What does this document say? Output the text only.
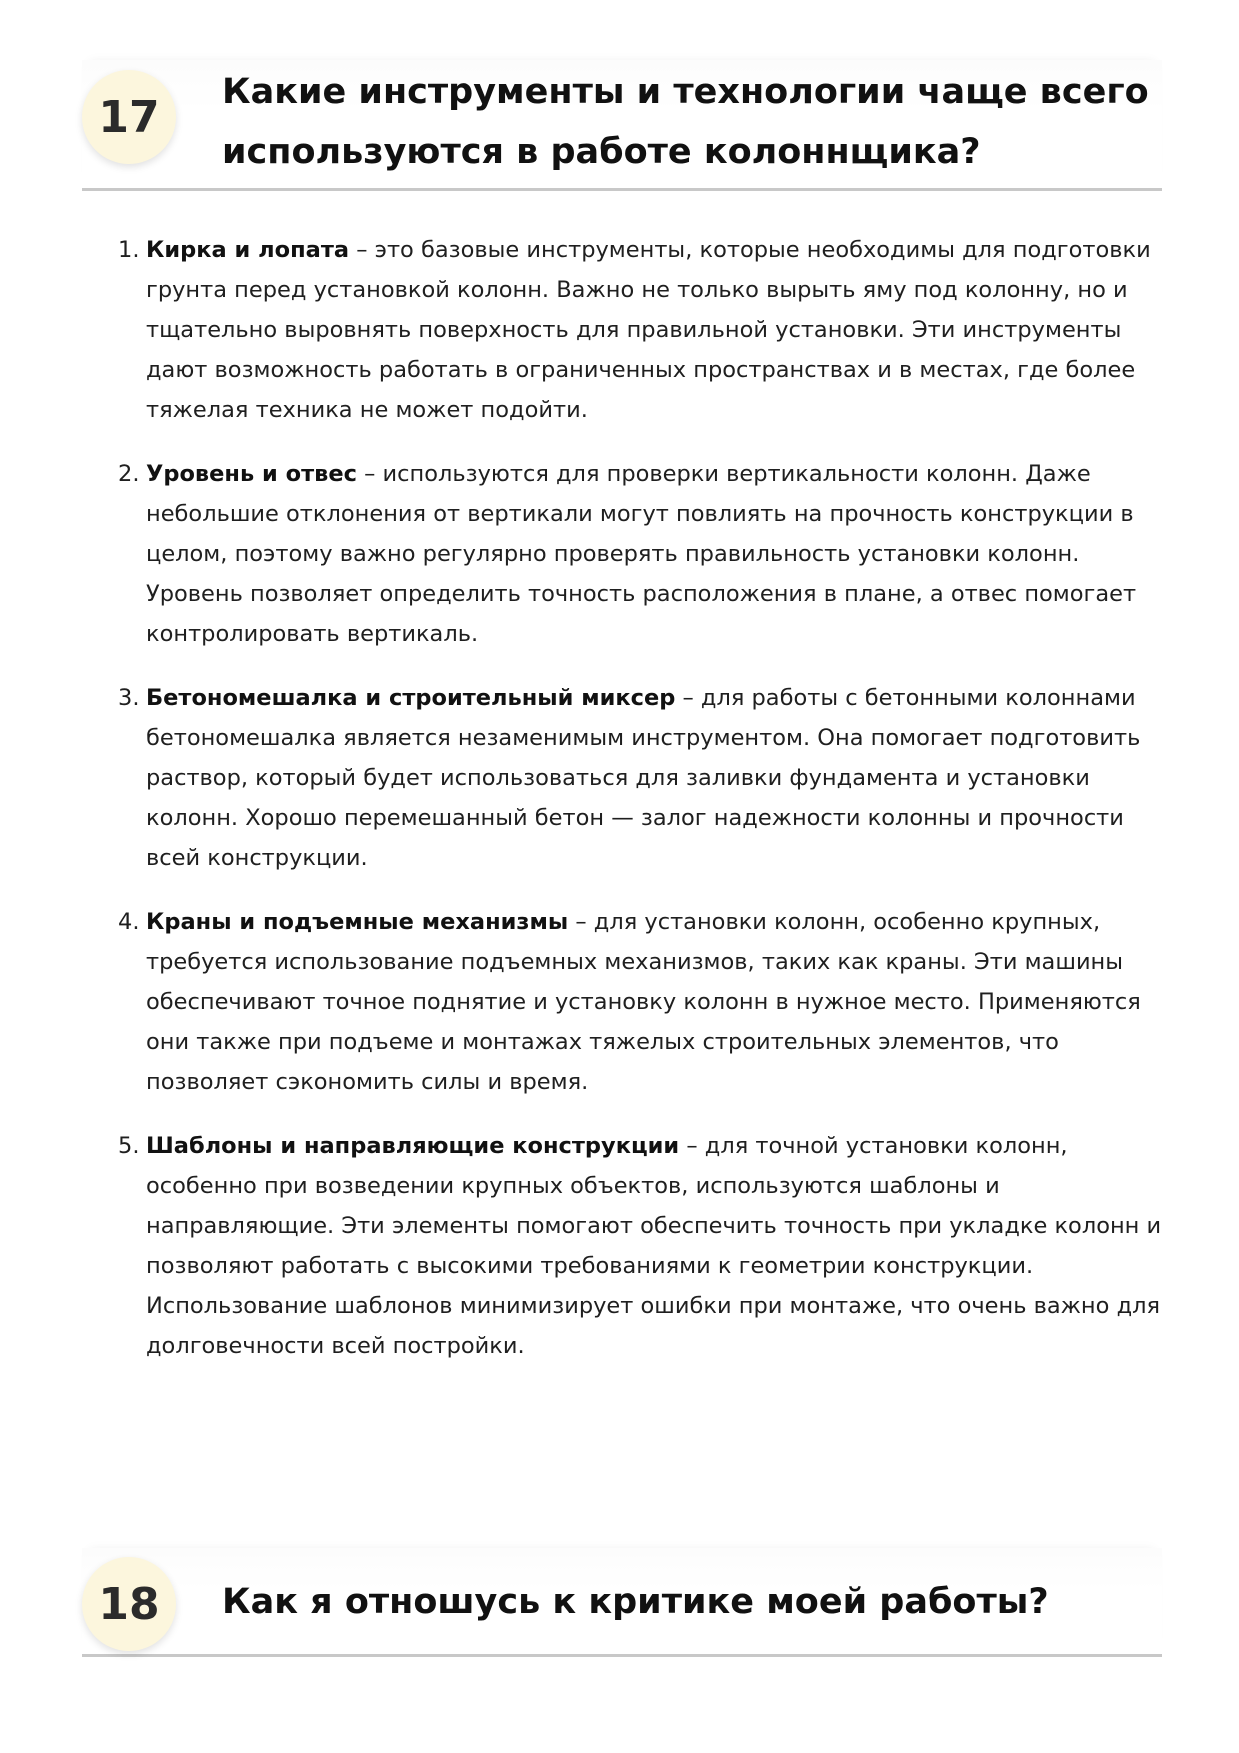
17	Какие инструменты и технологии чаще всего используются в работе колоннщика?
1. Кирка и лопата – это базовые инструменты, которые необходимы для подготовки грунта перед установкой колонн. Важно не только вырыть яму под колонну, но и тщательно выровнять поверхность для правильной установки. Эти инструменты дают возможность работать в ограниченных пространствах и в местах, где более тяжелая техника не может подойти.
2. Уровень и отвес – используются для проверки вертикальности колонн. Даже небольшие отклонения от вертикали могут повлиять на прочность конструкции в целом, поэтому важно регулярно проверять правильность установки колонн. Уровень позволяет определить точность расположения в плане, а отвес помогает контролировать вертикаль.
3. Бетономешалка и строительный миксер – для работы с бетонными колоннами бетономешалка является незаменимым инструментом. Она помогает подготовить раствор, который будет использоваться для заливки фундамента и установки колонн. Хорошо перемешанный бетон — залог надежности колонны и прочности всей конструкции.
4. Краны и подъемные механизмы – для установки колонн, особенно крупных, требуется использование подъемных механизмов, таких как краны. Эти машины обеспечивают точное поднятие и установку колонн в нужное место. Применяются они также при подъеме и монтажах тяжелых строительных элементов, что позволяет сэкономить силы и время.
5. Шаблоны и направляющие конструкции – для точной установки колонн, особенно при возведении крупных объектов, используются шаблоны и направляющие. Эти элементы помогают обеспечить точность при укладке колонн и позволяют работать с высокими требованиями к геометрии конструкции. Использование шаблонов минимизирует ошибки при монтаже, что очень важно для долговечности всей постройки.
18	Как я отношусь к критике моей работы?
